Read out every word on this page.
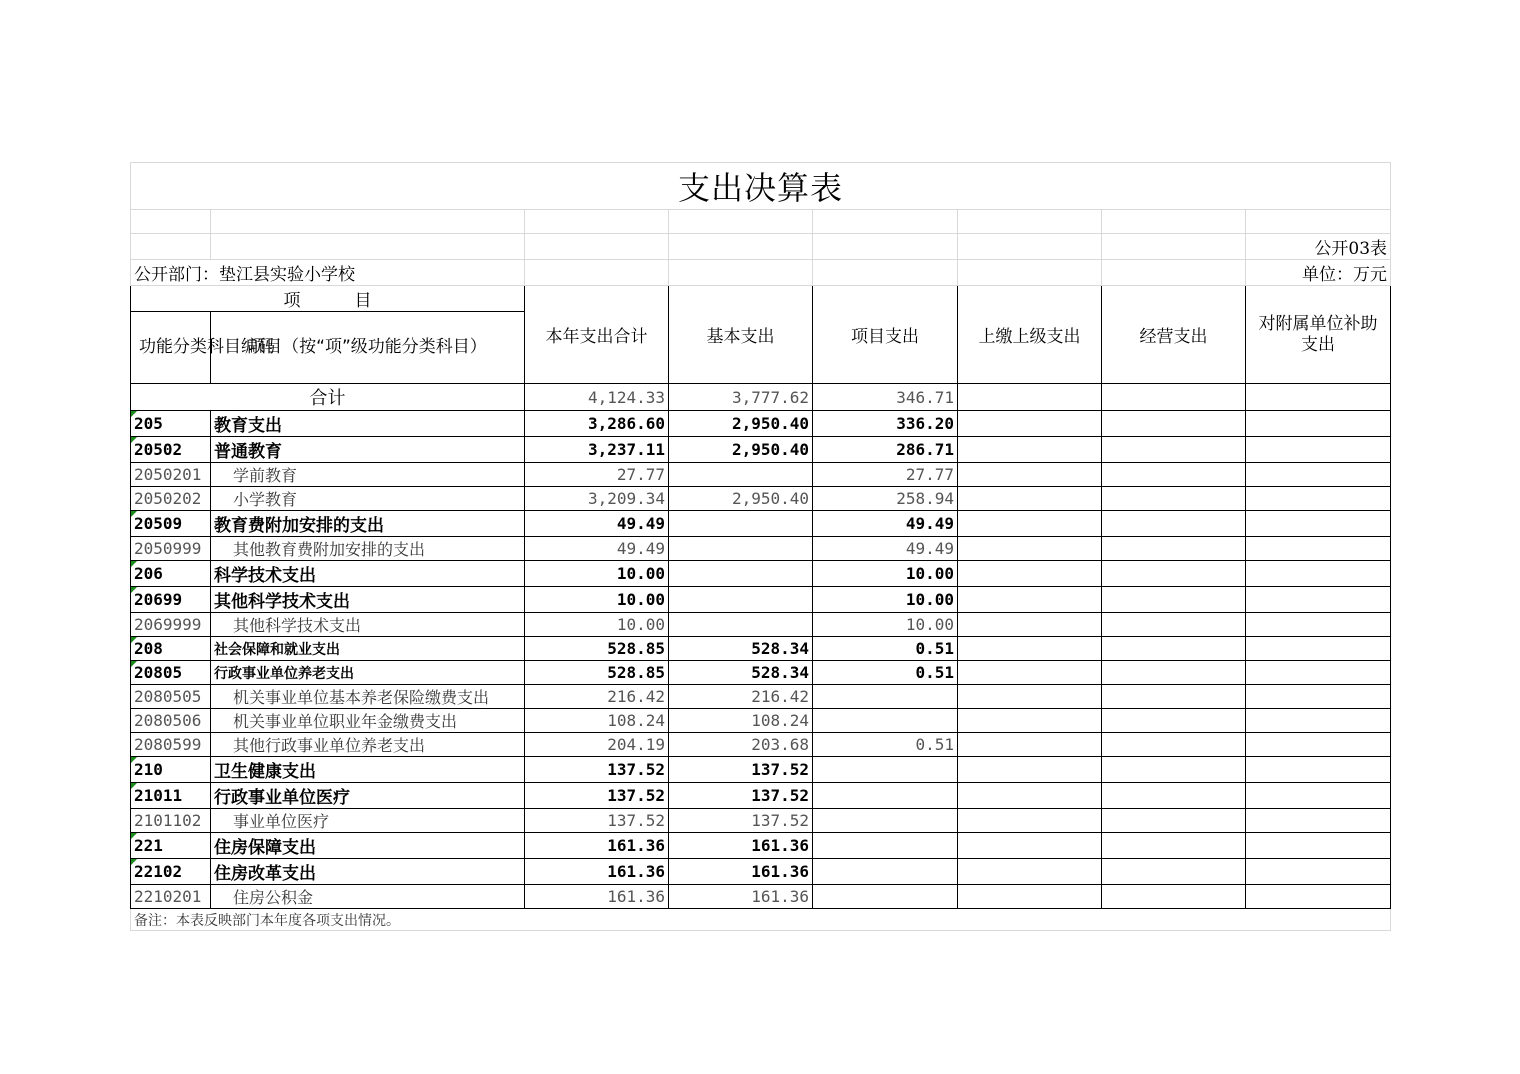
支出决算表							

							公开03表
公开部门：垫江县实验小学校							单位：万元
项          目		本年支出合计	基本支出	项目支出	上缴上级支出	经营支出	对附属单位补助支出
功能分类科目编码	项目（按“项”级功能分类科目）						
合计		4,124.33	3,777.62	346.71			
205	教育支出	3,286.60	2,950.40	336.20			
20502	普通教育	3,237.11	2,950.40	286.71			
2050201	学前教育	27.77		27.77			
2050202	小学教育	3,209.34	2,950.40	258.94			
20509	教育费附加安排的支出	49.49		49.49			
2050999	其他教育费附加安排的支出	49.49		49.49			
206	科学技术支出	10.00		10.00			
20699	其他科学技术支出	10.00		10.00			
2069999	其他科学技术支出	10.00		10.00			
208	社会保障和就业支出	528.85	528.34	0.51			
20805	行政事业单位养老支出	528.85	528.34	0.51			
2080505	机关事业单位基本养老保险缴费支出	216.42	216.42				
2080506	机关事业单位职业年金缴费支出	108.24	108.24				
2080599	其他行政事业单位养老支出	204.19	203.68	0.51			
210	卫生健康支出	137.52	137.52				
21011	行政事业单位医疗	137.52	137.52				
2101102	事业单位医疗	137.52	137.52				
221	住房保障支出	161.36	161.36				
22102	住房改革支出	161.36	161.36				
2210201	住房公积金	161.36	161.36				
备注：本表反映部门本年度各项支出情况。							
